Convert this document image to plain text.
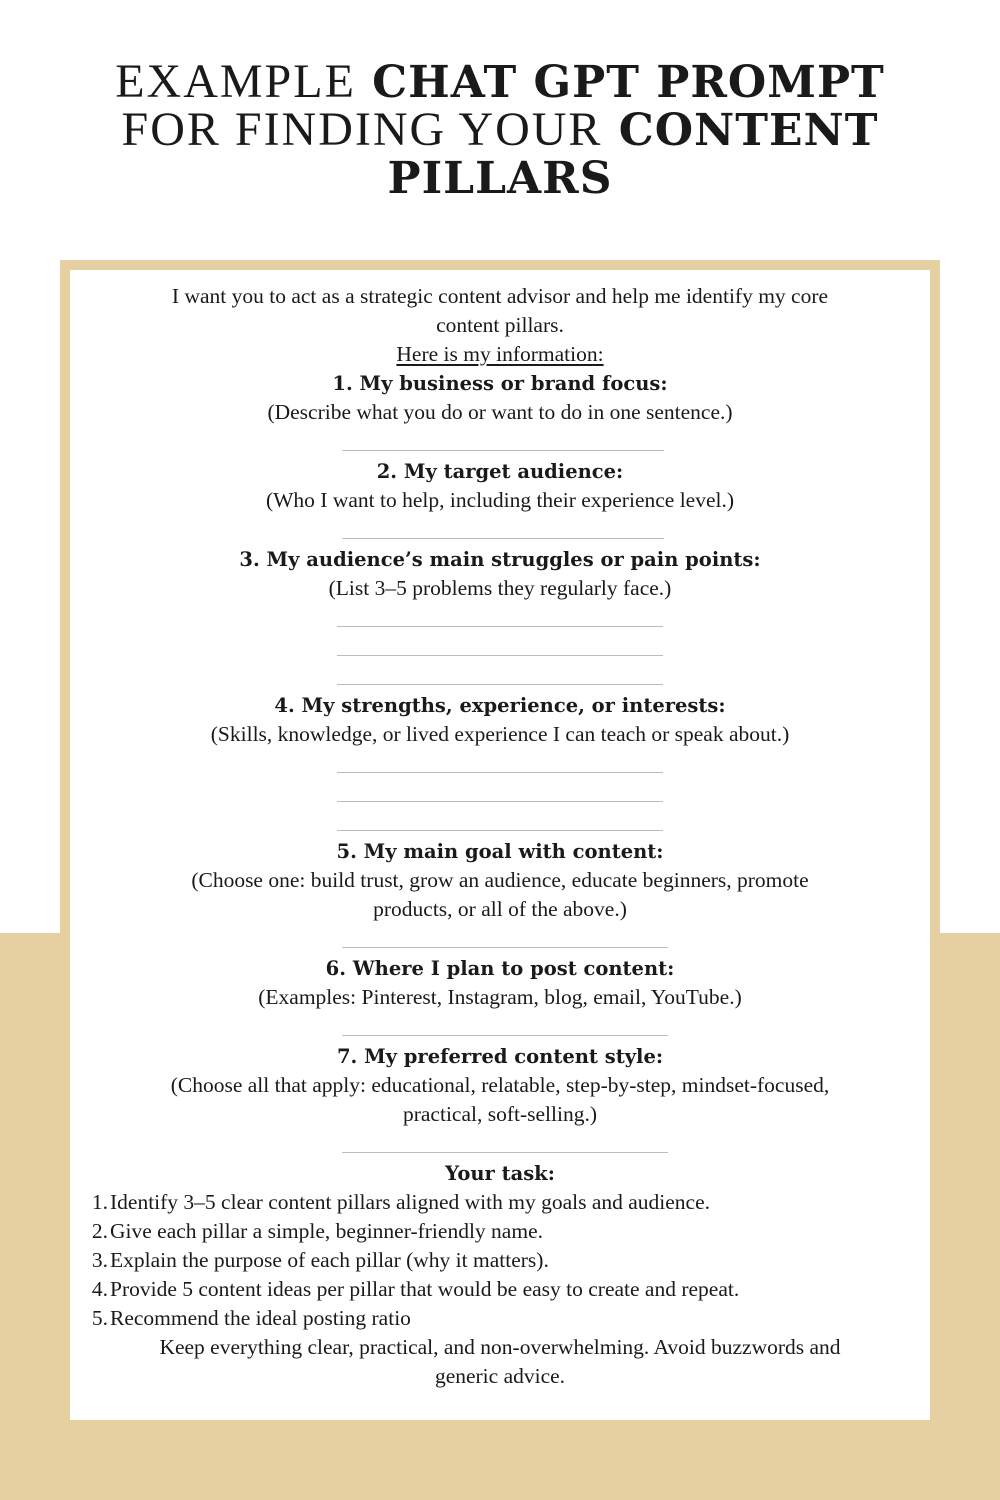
EXAMPLE CHAT GPT PROMPT
FOR FINDING YOUR CONTENT
PILLARS
I want you to act as a strategic content advisor and help me identify my core
content pillars.
Here is my information:
1. My business or brand focus:
(Describe what you do or want to do in one sentence.)
2. My target audience:
(Who I want to help, including their experience level.)
3. My audience’s main struggles or pain points:
(List 3–5 problems they regularly face.)
4. My strengths, experience, or interests:
(Skills, knowledge, or lived experience I can teach or speak about.)
5. My main goal with content:
(Choose one: build trust, grow an audience, educate beginners, promote
products, or all of the above.)
6. Where I plan to post content:
(Examples: Pinterest, Instagram, blog, email, YouTube.)
7. My preferred content style:
(Choose all that apply: educational, relatable, step-by-step, mindset-focused,
practical, soft-selling.)
Your task:
1.Identify 3–5 clear content pillars aligned with my goals and audience.
2.Give each pillar a simple, beginner-friendly name.
3.Explain the purpose of each pillar (why it matters).
4.Provide 5 content ideas per pillar that would be easy to create and repeat.
5.Recommend the ideal posting ratio
Keep everything clear, practical, and non-overwhelming. Avoid buzzwords and
generic advice.
